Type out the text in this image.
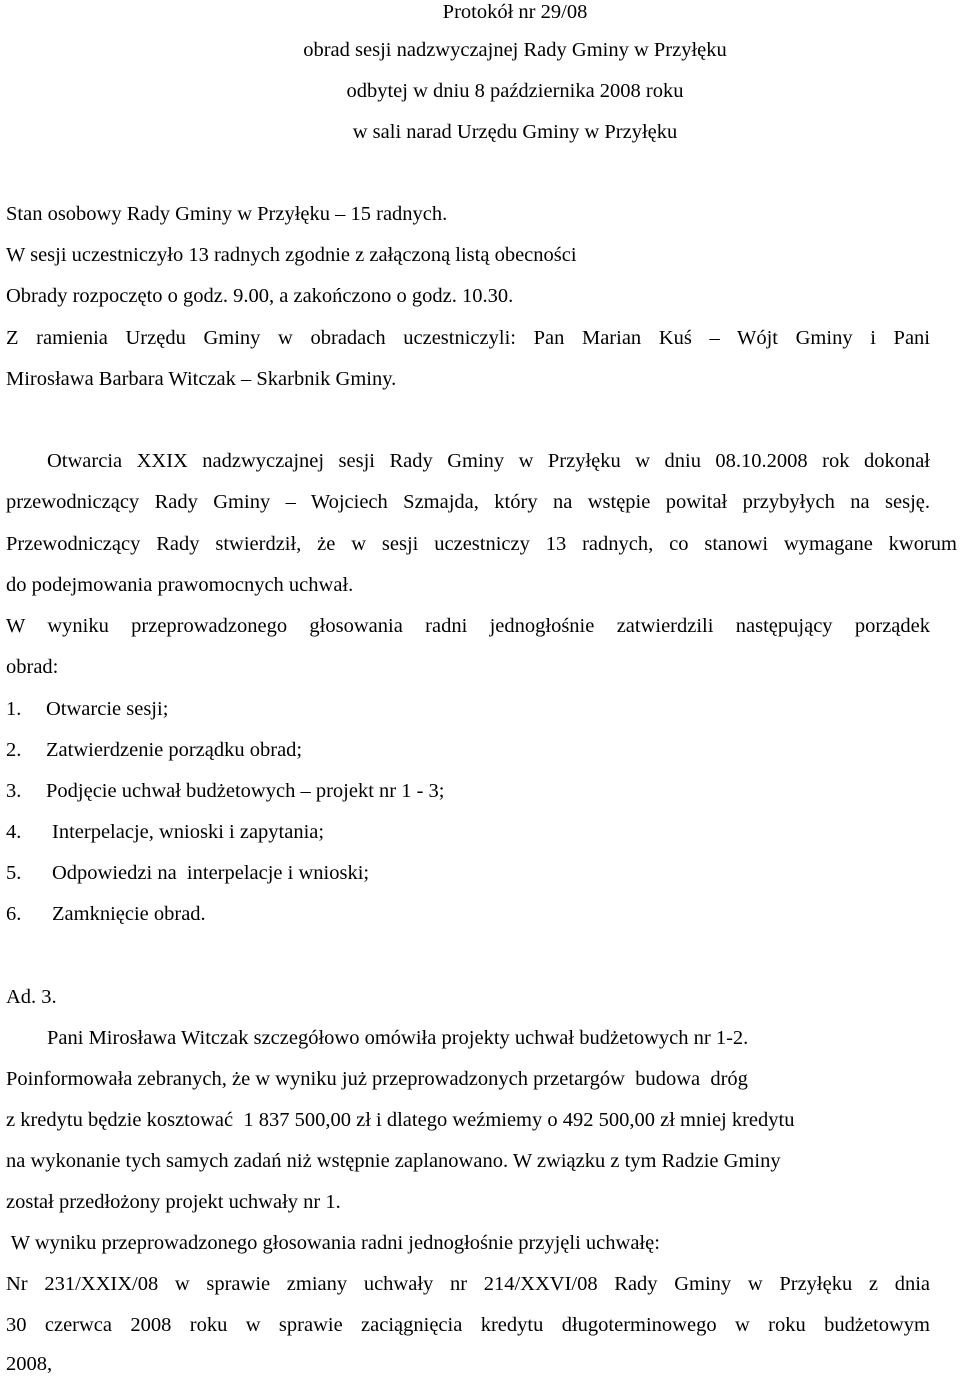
Protokół nr 29/08
obrad sesji nadzwyczajnej Rady Gminy w Przyłęku
odbytej w dniu 8 października 2008 roku
w sali narad Urzędu Gminy w Przyłęku
Stan osobowy Rady Gminy w Przyłęku – 15 radnych.
W sesji uczestniczyło 13 radnych zgodnie z załączoną listą obecności
Obrady rozpoczęto o godz. 9.00, a zakończono o godz. 10.30.
Z ramienia Urzędu Gminy w obradach uczestniczyli: Pan Marian Kuś – Wójt Gminy i Pani
Mirosława Barbara Witczak – Skarbnik Gminy.
Otwarcia XXIX nadzwyczajnej sesji Rady Gminy w Przyłęku w dniu 08.10.2008 rok dokonał
przewodniczący Rady Gminy – Wojciech Szmajda, który na wstępie powitał przybyłych na sesję.
Przewodniczący Rady stwierdził, że w sesji uczestniczy 13 radnych, co stanowi wymagane kworum
do podejmowania prawomocnych uchwał.
W wyniku przeprowadzonego głosowania radni jednogłośnie zatwierdzili następujący porządek
obrad:
1. Otwarcie sesji;
2. Zatwierdzenie porządku obrad;
3. Podjęcie uchwał budżetowych – projekt nr 1 - 3;
4. Interpelacje, wnioski i zapytania;
5. Odpowiedzi na  interpelacje i wnioski;
6. Zamknięcie obrad.
Ad. 3.
Pani Mirosława Witczak szczegółowo omówiła projekty uchwał budżetowych nr 1-2.
Poinformowała zebranych, że w wyniku już przeprowadzonych przetargów  budowa  dróg
z kredytu będzie kosztować  1 837 500,00 zł i dlatego weźmiemy o 492 500,00 zł mniej kredytu
na wykonanie tych samych zadań niż wstępnie zaplanowano. W związku z tym Radzie Gminy
został przedłożony projekt uchwały nr 1.
W wyniku przeprowadzonego głosowania radni jednogłośnie przyjęli uchwałę:
Nr 231/XXIX/08 w sprawie zmiany uchwały nr 214/XXVI/08 Rady Gminy w Przyłęku z dnia
30 czerwca 2008 roku w sprawie zaciągnięcia kredytu długoterminowego w roku budżetowym
2008,
